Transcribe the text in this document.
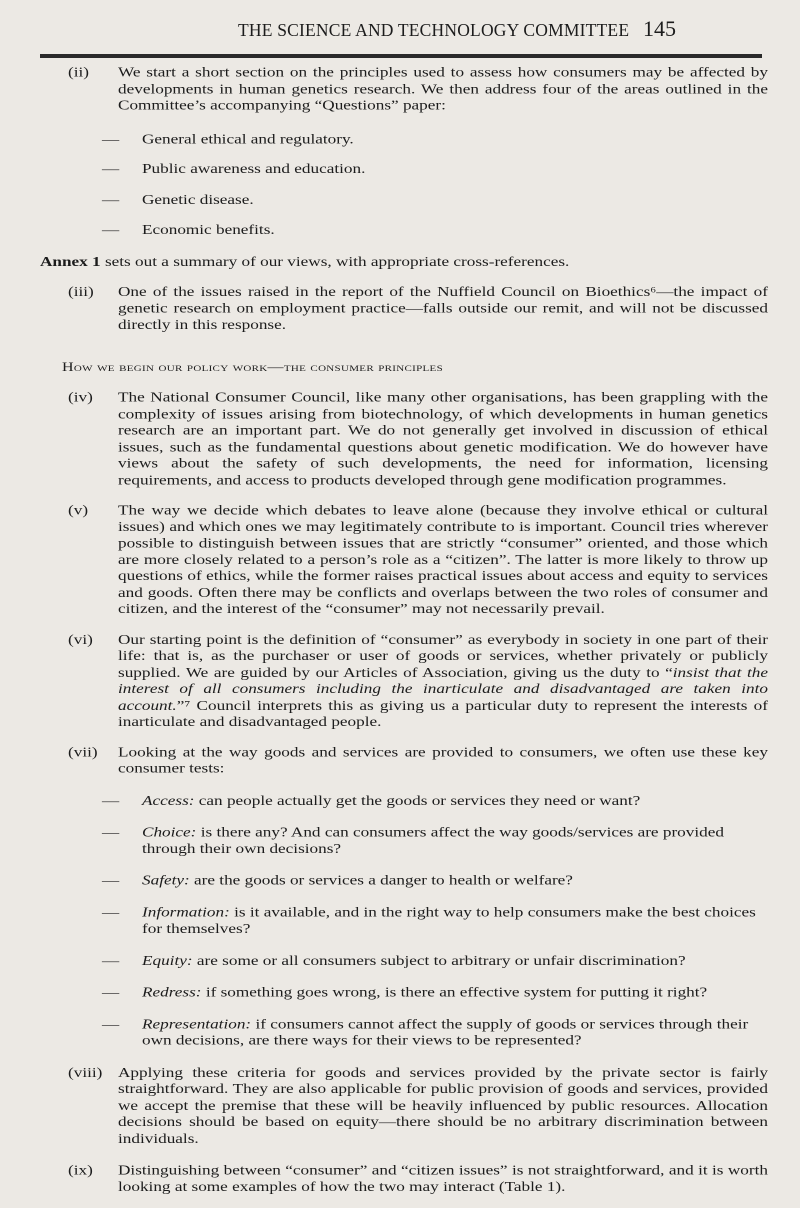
THE SCIENCE AND TECHNOLOGY COMMITTEE 145
(ii) We start a short section on the principles used to assess how consumers may be affected by developments in human genetics research. We then address four of the areas outlined in the Committee’s accompanying “Questions” paper:
— General ethical and regulatory.
— Public awareness and education.
— Genetic disease.
— Economic benefits.
Annex 1 sets out a summary of our views, with appropriate cross-references.
(iii) One of the issues raised in the report of the Nuffield Council on Bioethics⁶—the impact of genetic research on employment practice—falls outside our remit, and will not be discussed directly in this response.
How we begin our policy work—the consumer principles
(iv) The National Consumer Council, like many other organisations, has been grappling with the complexity of issues arising from biotechnology, of which developments in human genetics research are an important part. We do not generally get involved in discussion of ethical issues, such as the fundamental questions about genetic modification. We do however have views about the safety of such developments, the need for information, licensing requirements, and access to products developed through gene modification programmes.
(v) The way we decide which debates to leave alone (because they involve ethical or cultural issues) and which ones we may legitimately contribute to is important. Council tries wherever possible to distinguish between issues that are strictly “consumer” oriented, and those which are more closely related to a person’s role as a “citizen”. The latter is more likely to throw up questions of ethics, while the former raises practical issues about access and equity to services and goods. Often there may be conflicts and overlaps between the two roles of consumer and citizen, and the interest of the “consumer” may not necessarily prevail.
(vi) Our starting point is the definition of “consumer” as everybody in society in one part of their life: that is, as the purchaser or user of goods or services, whether privately or publicly supplied. We are guided by our Articles of Association, giving us the duty to “insist that the interest of all consumers including the inarticulate and disadvantaged are taken into account.”⁷ Council interprets this as giving us a particular duty to represent the interests of inarticulate and disadvantaged people.
(vii) Looking at the way goods and services are provided to consumers, we often use these key consumer tests:
— Access: can people actually get the goods or services they need or want?
— Choice: is there any? And can consumers affect the way goods/services are provided through their own decisions?
— Safety: are the goods or services a danger to health or welfare?
— Information: is it available, and in the right way to help consumers make the best choices for themselves?
— Equity: are some or all consumers subject to arbitrary or unfair discrimination?
— Redress: if something goes wrong, is there an effective system for putting it right?
— Representation: if consumers cannot affect the supply of goods or services through their own decisions, are there ways for their views to be represented?
(viii) Applying these criteria for goods and services provided by the private sector is fairly straightforward. They are also applicable for public provision of goods and services, provided we accept the premise that these will be heavily influenced by public resources. Allocation decisions should be based on equity—there should be no arbitrary discrimination between individuals.
(ix) Distinguishing between “consumer” and “citizen issues” is not straightforward, and it is worth looking at some examples of how the two may interact (Table 1).
